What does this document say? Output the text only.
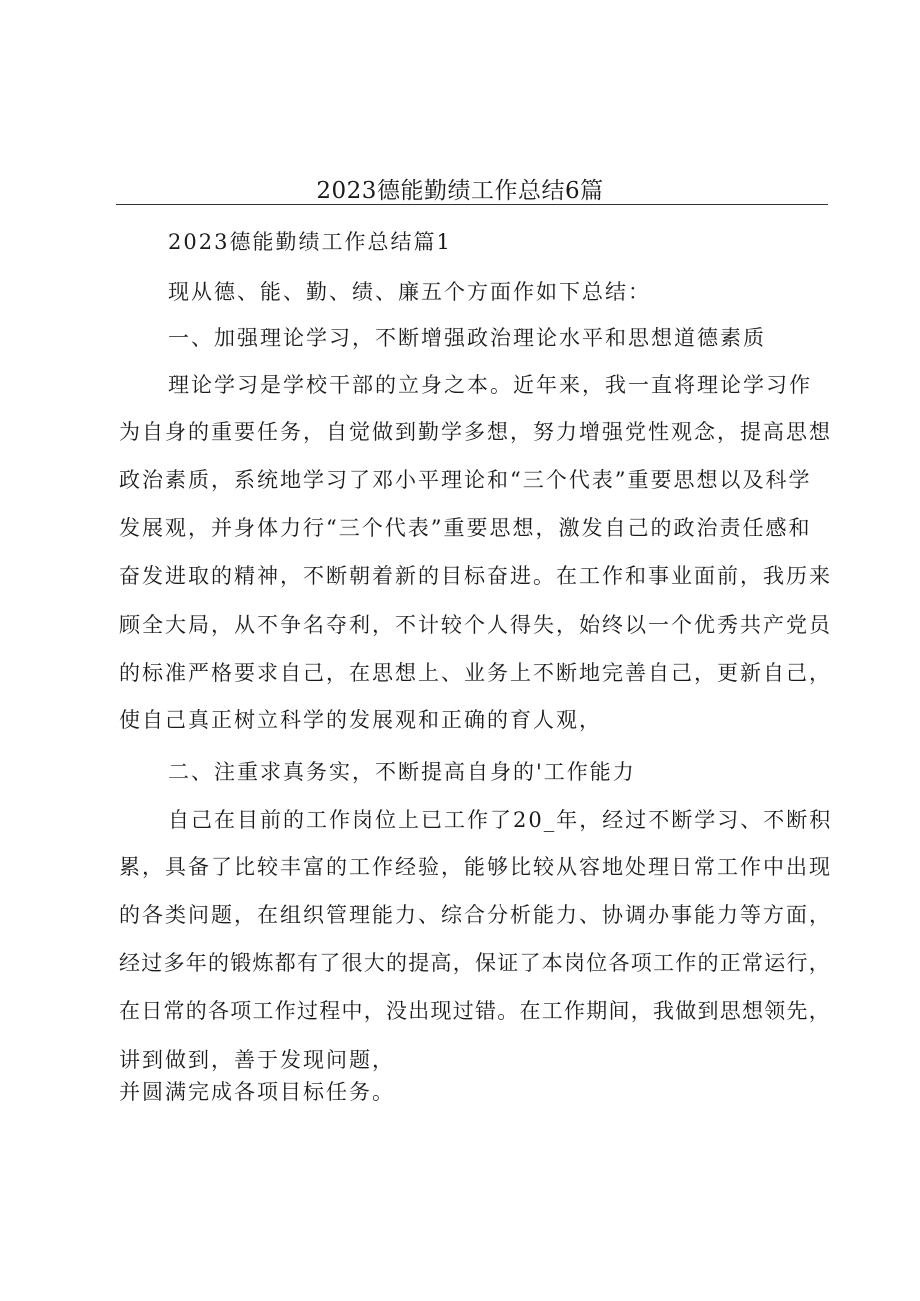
2023德能勤绩工作总结6篇
2023德能勤绩工作总结篇1
现从德、能、勤、绩、廉五个方面作如下总结：
一、加强理论学习，不断增强政治理论水平和思想道德素质
理论学习是学校干部的立身之本。近年来，我一直将理论学习作
为自身的重要任务，自觉做到勤学多想，努力增强党性观念，提高思想
政治素质，系统地学习了邓小平理论和“三个代表”重要思想以及科学
发展观，并身体力行“三个代表”重要思想，激发自己的政治责任感和
奋发进取的精神，不断朝着新的目标奋进。在工作和事业面前，我历来
顾全大局，从不争名夺利，不计较个人得失，始终以一个优秀共产党员
的标准严格要求自己，在思想上、业务上不断地完善自己，更新自己，
使自己真正树立科学的发展观和正确的育人观，
二、注重求真务实，不断提高自身的'工作能力
自己在目前的工作岗位上已工作了20_年，经过不断学习、不断积
累，具备了比较丰富的工作经验，能够比较从容地处理日常工作中出现
的各类问题，在组织管理能力、综合分析能力、协调办事能力等方面，
经过多年的锻炼都有了很大的提高，保证了本岗位各项工作的正常运行，
在日常的各项工作过程中，没出现过错。在工作期间，我做到思想领先，
讲到做到，善于发现问题，
并圆满完成各项目标任务。
